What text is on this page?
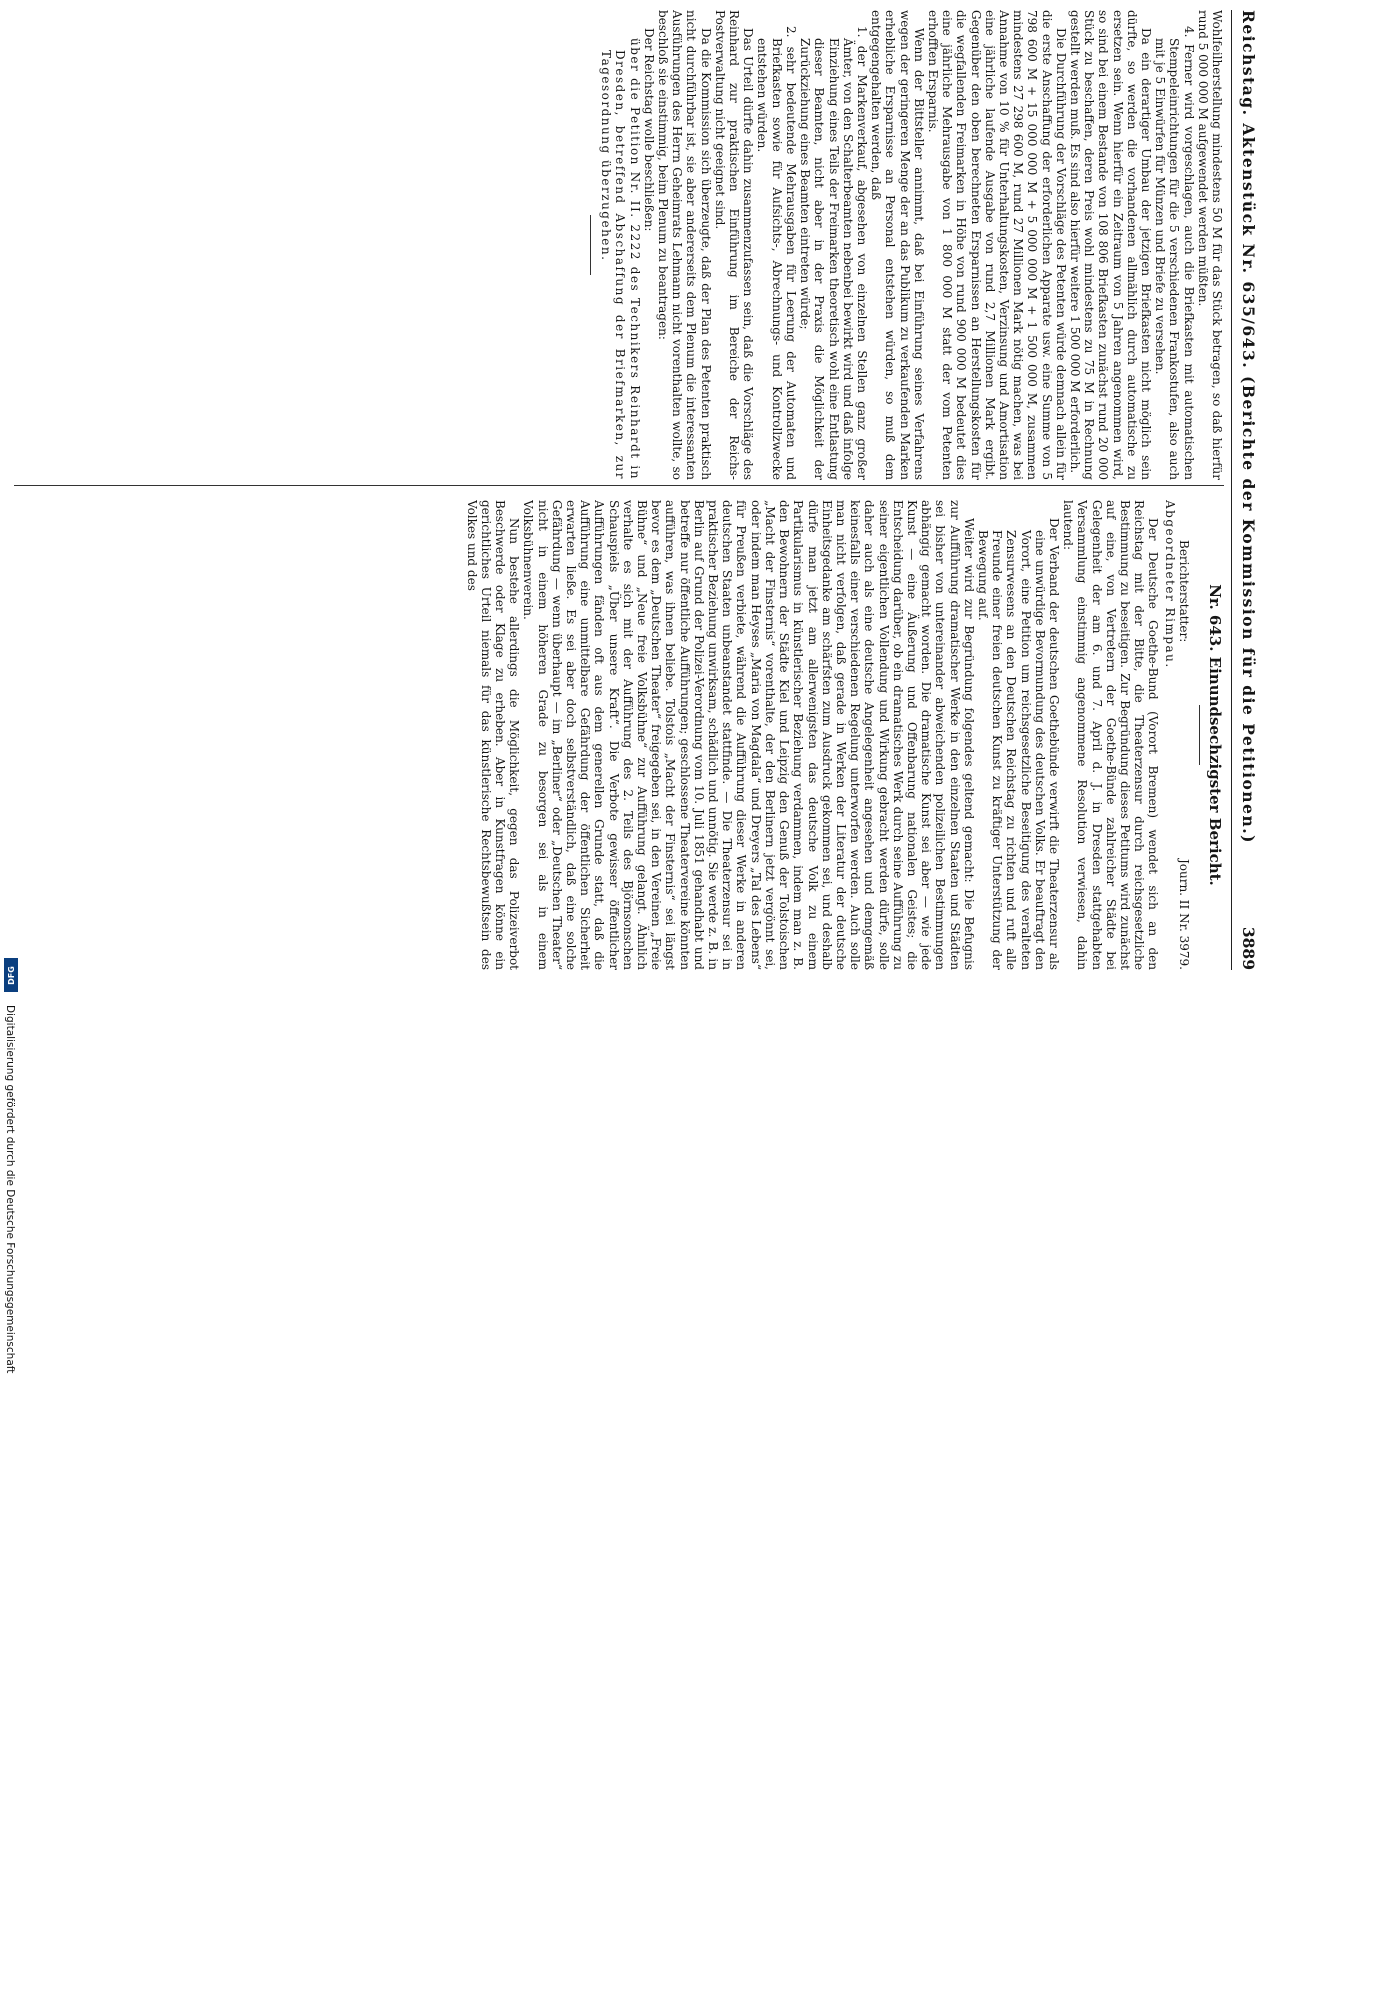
Reichstag. Aktenstück Nr. 635/643. (Berichte der Kommission für die Petitionen.)
3889

Wohlfeilherstellung mindestens 50 M für das Stück betragen, so daß hierfür rund 5 000 000 M aufgewendet werden müßten.

4. Ferner wird vorgeschlagen, auch die Briefkasten mit automatischen Stempeleinrichtungen für die 5 verschiedenen Frankostufen, also auch mit je 5 Einwürfen für Münzen und Briefe zu versehen.

Da ein derartiger Umbau der jetzigen Briefkasten nicht möglich sein dürfte, so werden die vorhandenen allmählich durch automatische zu ersetzen sein. Wenn hierfür ein Zeitraum von 5 Jahren angenommen wird, so sind bei einem Bestande von 108 806 Briefkasten zunächst rund 20 000 Stück zu beschaffen, deren Preis wohl mindestens zu 75 M in Rechnung gestellt werden muß. Es sind also hierfür weitere 1 500 000 M erforderlich.

Die Durchführung der Vorschläge des Petenten würde demnach allein für die erste Anschaffung der erforderlichen Apparate usw. eine Summe von 5 798 600 M + 15 000 000 M + 5 000 000 M + 1 500 000 M, zusammen mindestens 27 298 600 M, rund 27 Millionen Mark nötig machen, was bei Annahme von 10 % für Unterhaltungskosten, Verzinsung und Amortisation eine jährliche laufende Ausgabe von rund 2,7 Millionen Mark ergibt. Gegenüber den oben berechneten Ersparnissen an Herstellungskosten für die wegfallenden Freimarken in Höhe von rund 900 000 M bedeutet dies eine jährliche Mehrausgabe von 1 800 000 M statt der vom Petenten erhofften Ersparnis.

Wenn der Bittsteller annimmt, daß bei Einführung seines Verfahrens wegen der geringeren Menge der an das Publikum zu verkaufenden Marken erhebliche Ersparnisse an Personal entstehen würden, so muß dem entgegengehalten werden, daß

1. der Markenverkauf, abgesehen von einzelnen Stellen ganz großer Ämter, von den Schalterbeamten nebenbei bewirkt wird und daß infolge Einziehung eines Teils der Freimarken theoretisch wohl eine Entlastung dieser Beamten, nicht aber in der Praxis die Möglichkeit der Zurückziehung eines Beamten eintreten würde;

2. sehr bedeutende Mehrausgaben für Leerung der Automaten und Briefkasten sowie für Aufsichts-, Abrechnungs- und Kontrollzwecke entstehen würden.

Das Urteil dürfte dahin zusammenzufassen sein, daß die Vorschläge des Reinhard zur praktischen Einführung im Bereiche der Reichs-Postverwaltung nicht geeignet sind.

Da die Kommission sich überzeugte, daß der Plan des Petenten praktisch nicht durchführbar ist, sie aber andererseits dem Plenum die interessanten Ausführungen des Herrn Geheimrats Lehmann nicht vorenthalten wollte, so beschloß sie einstimmig, beim Plenum zu beantragen:

Der Reichstag wolle beschließen:

über die Petition Nr. II. 2222 des Technikers Reinhardt in Dresden, betreffend Abschaffung der Briefmarken, zur Tagesordnung überzugehen.

Nr. 643. Einundsechzigster Bericht.

Berichterstatter:
Abgeordneter Rimpau.
Journ. II Nr. 3979.

Der Deutsche Goethe-Bund (Vorort Bremen) wendet sich an den Reichstag mit der Bitte, die Theaterzensur durch reichsgesetzliche Bestimmung zu beseitigen. Zur Begründung dieses Petitums wird zunächst auf eine, von Vertretern der Goethe-Bünde zahlreicher Städte bei Gelegenheit der am 6. und 7. April d. J. in Dresden stattgehabten Versammlung einstimmig angenommene Resolution verwiesen, dahin lautend:

Der Verband der deutschen Goethebünde verwirft die Theaterzensur als eine unwürdige Bevormundung des deutschen Volks. Er beauftragt den Vorort, eine Petition um reichsgesetzliche Beseitigung des veralteten Zensurwesens an den Deutschen Reichstag zu richten und ruft alle Freunde einer freien deutschen Kunst zu kräftiger Unterstützung der Bewegung auf.

Weiter wird zur Begründung folgendes geltend gemacht: Die Befugnis zur Aufführung dramatischer Werke in den einzelnen Staaten und Städten sei bisher von untereinander abweichenden polizeilichen Bestimmungen abhängig gemacht worden. Die dramatische Kunst sei aber — wie jede Kunst — eine Äußerung und Offenbarung nationalen Geistes; die Entscheidung darüber, ob ein dramatisches Werk durch seine Aufführung zu seiner eigentlichen Vollendung und Wirkung gebracht werden dürfe, solle daher auch als eine deutsche Angelegenheit angesehen und demgemäß keinesfalls einer verschiedenen Regelung unterworfen werden. Auch solle man nicht verfolgen, daß gerade in Werken der Literatur der deutsche Einheitsgedanke am schärfsten zum Ausdruck gekommen sei, und deshalb dürfe man jetzt am allerwenigsten das deutsche Volk zu einem Partikularismus in künstlerischer Beziehung verdammen, indem man z. B. den Bewohnern der Städte Kiel und Leipzig den Genuß der Tolstoischen „Macht der Finsternis“ vorenthalte, der den Berlinern jetzt vergönnt sei, oder indem man Heyses „Maria von Magdala“ und Dreyers „Tal des Lebens“ für Preußen verbiete, während die Aufführung dieser Werke in anderen deutschen Staaten unbeanstandet stattfinde. — Die Theaterzensur sei in praktischer Beziehung unwirksam, schädlich und unnötig. Sie werde z. B. in Berlin auf Grund der Polizei-Verordnung vom 10. Juli 1851 gehandhabt und betreffe nur öffentliche Aufführungen; geschlossene Theatervereine könnten aufführen, was ihnen beliebe. Tolstois „Macht der Finsternis“ sei längst bevor es dem „Deutschen Theater“ freigegeben sei, in den Vereinen „Freie Bühne“ und „Neue freie Volksbühne“ zur Aufführung gelangt. Ähnlich verhalte es sich mit der Aufführung des 2. Teils des Björnsonschen Schauspiels „Über unsere Kraft“. Die Verbote gewisser öffentlicher Aufführungen fänden oft aus dem generellen Grunde statt, daß die Aufführung eine unmittelbare Gefährdung der öffentlichen Sicherheit erwarten ließe. Es sei aber doch selbstverständlich, daß eine solche Gefährdung — wenn überhaupt — im „Berliner“ oder „Deutschen Theater“ nicht in einem höheren Grade zu besorgen sei als in einem Volksbühnenverein.

Nun bestehe allerdings die Möglichkeit, gegen das Polizeiverbot Beschwerde oder Klage zu erheben. Aber in Kunstfragen könne ein gerichtliches Urteil niemals für das künstlerische Rechtsbewußtsein des Volkes und des

Digitalisierung gefördert durch die Deutsche Forschungsgemeinschaft
DFG
